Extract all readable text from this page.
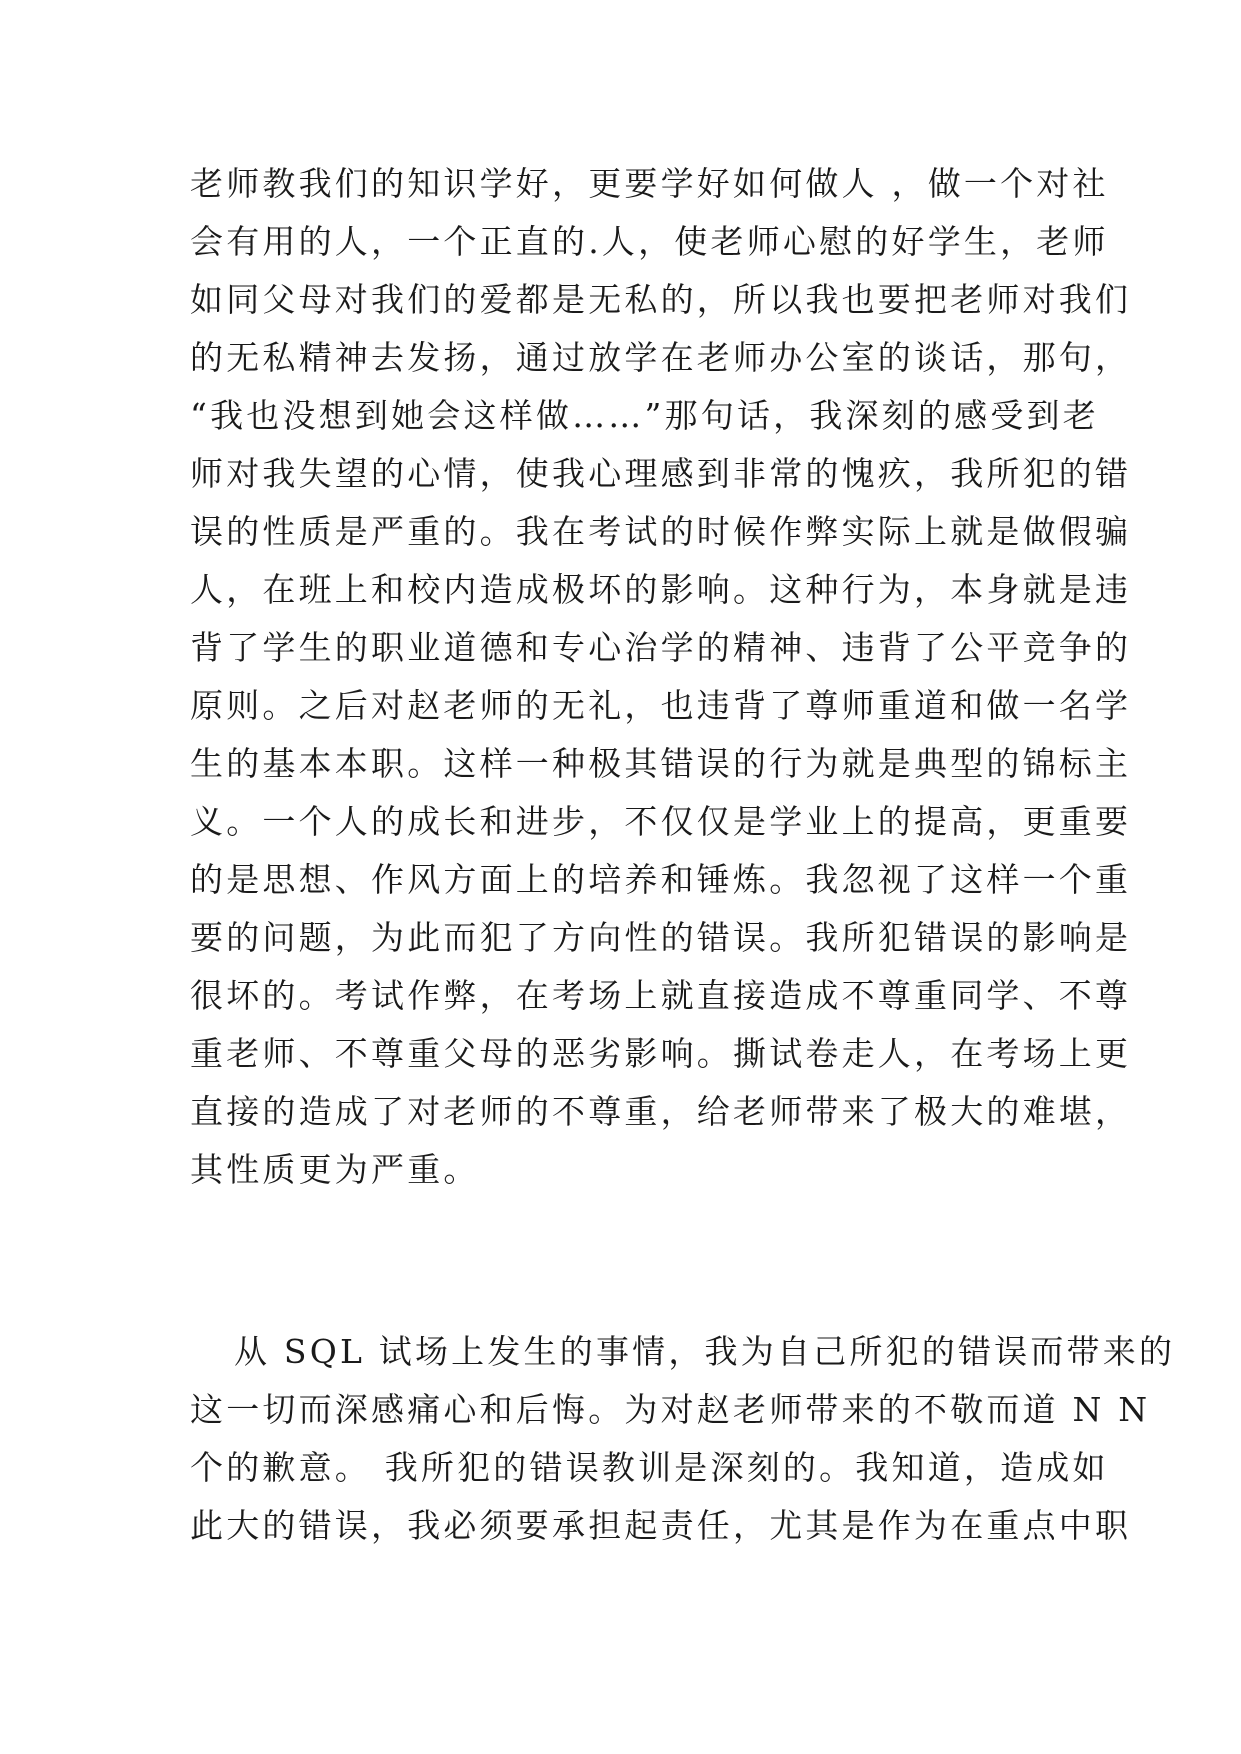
老师教我们的知识学好，更要学好如何做人 ，做一个对社
会有用的人，一个正直的.人，使老师心慰的好学生，老师
如同父母对我们的爱都是无私的，所以我也要把老师对我们
的无私精神去发扬，通过放学在老师办公室的谈话，那句，
“我也没想到她会这样做……”那句话，我深刻的感受到老
师对我失望的心情，使我心理感到非常的愧疚，我所犯的错
误的性质是严重的。我在考试的时候作弊实际上就是做假骗
人，在班上和校内造成极坏的影响。这种行为，本身就是违
背了学生的职业道德和专心治学的精神、违背了公平竞争的
原则。之后对赵老师的无礼，也违背了尊师重道和做一名学
生的基本本职。这样一种极其错误的行为就是典型的锦标主
义。一个人的成长和进步，不仅仅是学业上的提高，更重要
的是思想、作风方面上的培养和锤炼。我忽视了这样一个重
要的问题，为此而犯了方向性的错误。我所犯错误的影响是
很坏的。考试作弊，在考场上就直接造成不尊重同学、不尊
重老师、不尊重父母的恶劣影响。撕试卷走人，在考场上更
直接的造成了对老师的不尊重，给老师带来了极大的难堪，
其性质更为严重。
从 SQL 试场上发生的事情，我为自己所犯的错误而带来的
这一切而深感痛心和后悔。为对赵老师带来的不敬而道 N N
个的歉意。 我所犯的错误教训是深刻的。我知道，造成如
此大的错误，我必须要承担起责任，尤其是作为在重点中职
